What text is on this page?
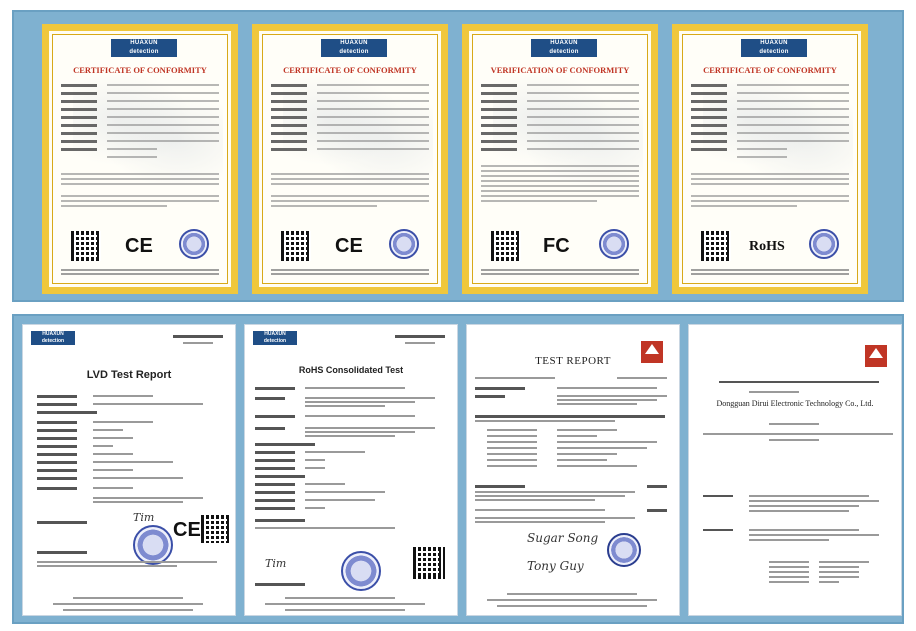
HUAXUN
detection
CERTIFICATE OF CONFORMITY
CE
HUAXUN
detection
CERTIFICATE OF CONFORMITY
CE
HUAXUN
detection
VERIFICATION OF CONFORMITY
FC
HUAXUN
detection
CERTIFICATE OF CONFORMITY
RoHS
HUAXUN
detection
LVD Test Report
Tim
CE
HUAXUN
detection
RoHS Consolidated Test
Tim
TEST REPORT
Sugar Song
Tony Guy
Dongguan Dirui Electronic Technology Co., Ltd.
